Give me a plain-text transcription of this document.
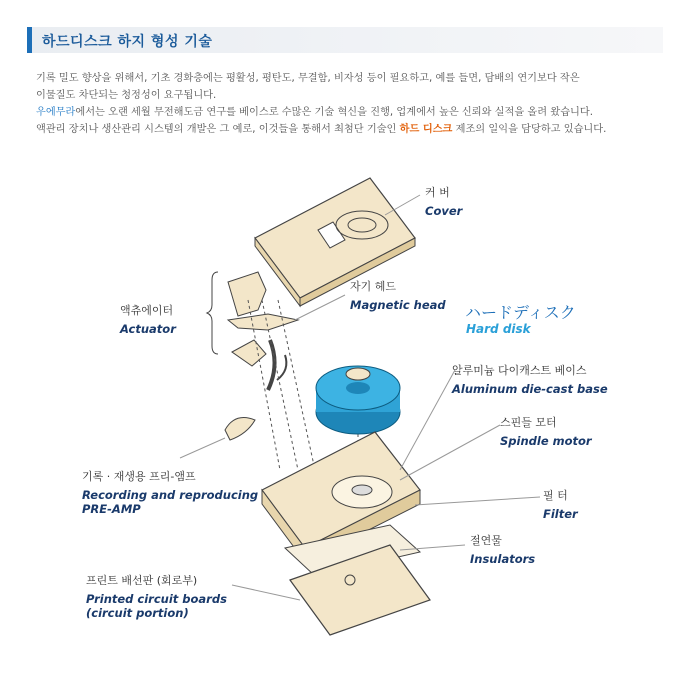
하드디스크 하지 형성 기술

기록 밀도 향상을 위해서, 기초 경화층에는 평활성, 평탄도, 무결함, 비자성 등이 필요하고, 예를 들면, 담배의 연기보다 작은

이물질도 차단되는 청정성이 요구됩니다.

우에무라에서는 오랜 세월 무전해도금 연구를 베이스로 수많은 기술 혁신을 진행, 업계에서 높은 신뢰와 실적을 올려 왔습니다.

액관리 장치나 생산관리 시스템의 개발은 그 예로, 이것들을 통해서 최첨단 기술인 하드 디스크 제조의 일익을 담당하고 있습니다.

커 버
Cover
자기 헤드
Magnetic head
액츄에이터
Actuator
ハードディスク
Hard disk
알루미늄 다이캐스트 베이스
Aluminum die-cast base
스핀들 모터
Spindle motor
필 터
Filter
기록 · 재생용 프리-앰프
Recording and reproducing
PRE-AMP
절연물
Insulators
프린트 배선판 (회로부)
Printed circuit boards
(circuit portion)
